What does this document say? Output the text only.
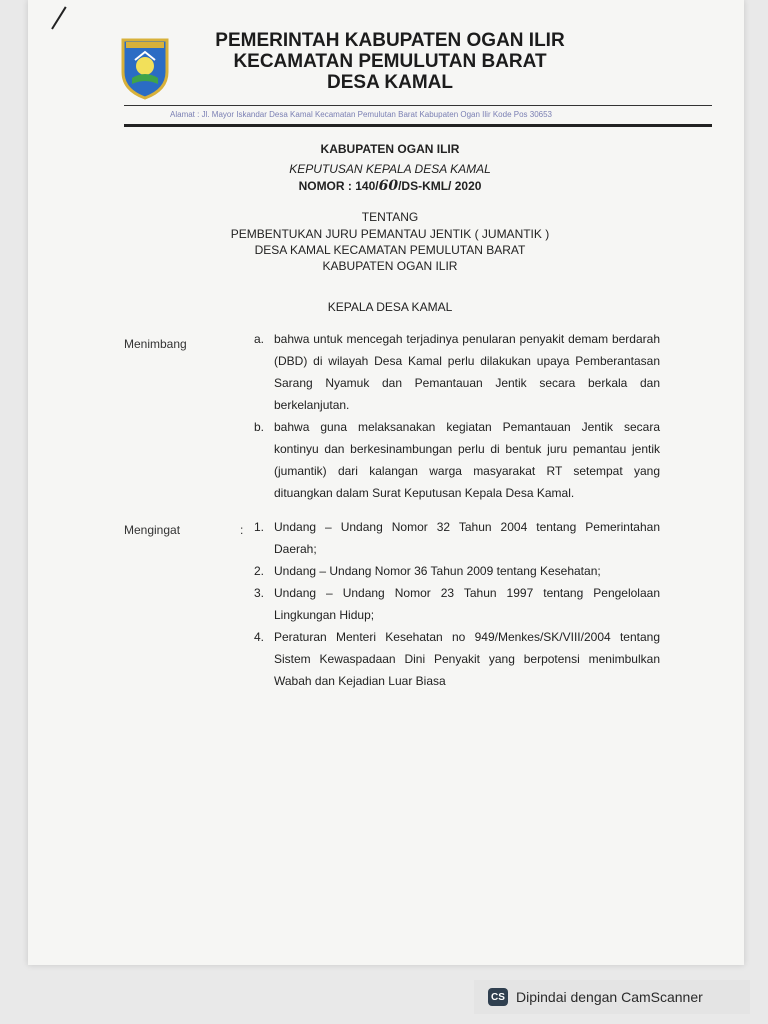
PEMERINTAH KABUPATEN OGAN ILIR
KECAMATAN PEMULUTAN BARAT
DESA KAMAL
Alamat : Jl. Mayor Iskandar Desa Kamal Kecamatan Pemulutan Barat Kabupaten Ogan Ilir Kode Pos 30653
KABUPATEN OGAN ILIR
KEPUTUSAN KEPALA DESA KAMAL
NOMOR : 140/60/DS-KML/ 2020
TENTANG
PEMBENTUKAN JURU PEMANTAU JENTIK ( JUMANTIK )
DESA KAMAL KECAMATAN PEMULUTAN BARAT
KABUPATEN OGAN ILIR
KEPALA DESA KAMAL
Menimbang	a. bahwa untuk mencegah terjadinya penularan penyakit demam berdarah (DBD) di wilayah Desa Kamal perlu dilakukan upaya Pemberantasan Sarang Nyamuk dan Pemantauan Jentik secara berkala dan berkelanjutan.
b. bahwa guna melaksanakan kegiatan Pemantauan Jentik secara kontinyu dan berkesinambungan perlu di bentuk juru pemantau jentik (jumantik) dari kalangan warga masyarakat RT setempat yang dituangkan dalam Surat Keputusan Kepala Desa Kamal.
Mengingat	: 1. Undang – Undang Nomor 32 Tahun 2004 tentang Pemerintahan Daerah;
2. Undang – Undang Nomor 36 Tahun 2009 tentang Kesehatan;
3. Undang – Undang Nomor 23 Tahun 1997 tentang Pengelolaan Lingkungan Hidup;
4. Peraturan Menteri Kesehatan no 949/Menkes/SK/VIII/2004 tentang Sistem Kewaspadaan Dini Penyakit yang berpotensi menimbulkan Wabah dan Kejadian Luar Biasa
CS Dipindai dengan CamScanner
